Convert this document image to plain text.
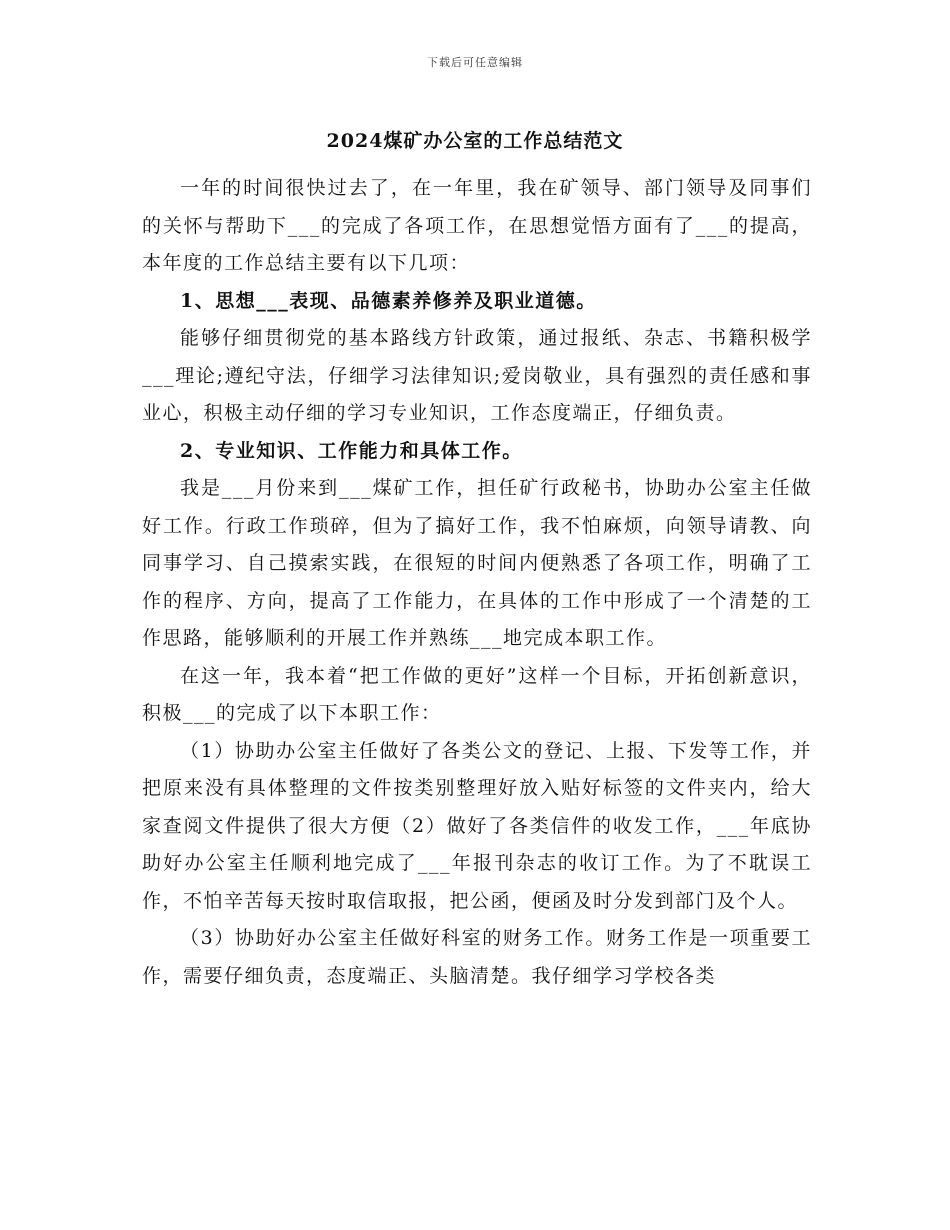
下载后可任意编辑
2024煤矿办公室的工作总结范文

一年的时间很快过去了，在一年里，我在矿领导、部门领导及同事们的关怀与帮助下___的完成了各项工作，在思想觉悟方面有了___的提高，本年度的工作总结主要有以下几项：

1、思想___表现、品德素养修养及职业道德。

能够仔细贯彻党的基本路线方针政策，通过报纸、杂志、书籍积极学___理论;遵纪守法，仔细学习法律知识;爱岗敬业，具有强烈的责任感和事业心，积极主动仔细的学习专业知识，工作态度端正，仔细负责。

2、专业知识、工作能力和具体工作。

我是___月份来到___煤矿工作，担任矿行政秘书，协助办公室主任做好工作。行政工作琐碎，但为了搞好工作，我不怕麻烦，向领导请教、向同事学习、自己摸索实践，在很短的时间内便熟悉了各项工作，明确了工作的程序、方向，提高了工作能力，在具体的工作中形成了一个清楚的工作思路，能够顺利的开展工作并熟练___地完成本职工作。

在这一年，我本着“把工作做的更好”这样一个目标，开拓创新意识，积极___的完成了以下本职工作：

（1）协助办公室主任做好了各类公文的登记、上报、下发等工作，并把原来没有具体整理的文件按类别整理好放入贴好标签的文件夹内，给大家查阅文件提供了很大方便（2）做好了各类信件的收发工作，___年底协助好办公室主任顺利地完成了___年报刊杂志的收订工作。为了不耽误工作，不怕辛苦每天按时取信取报，把公函，便函及时分发到部门及个人。

（3）协助好办公室主任做好科室的财务工作。财务工作是一项重要工作，需要仔细负责，态度端正、头脑清楚。我仔细学习学校各类
